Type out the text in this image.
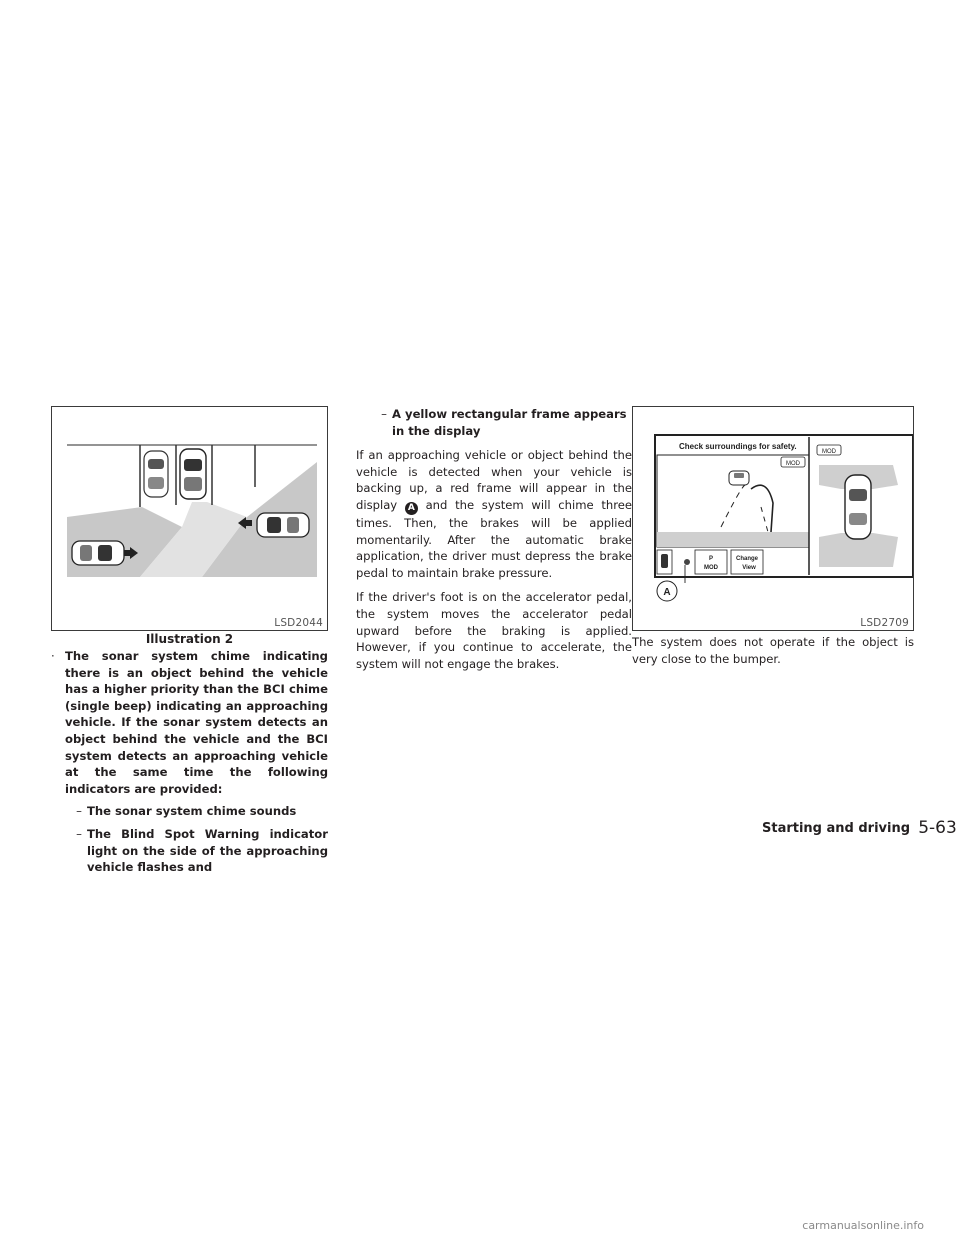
LSD2044
Illustration 2
· The sonar system chime indicating there is an object behind the vehicle has a higher priority than the BCI chime (single beep) indicating an approaching vehicle. If the sonar system detects an object behind the vehicle and the BCI system detects an approaching vehicle at the same time the following indicators are provided:
– The sonar system chime sounds
– The Blind Spot Warning indicator light on the side of the approaching vehicle flashes and
– A yellow rectangular frame appears in the display

If an approaching vehicle or object behind the vehicle is detected when your vehicle is backing up, a red frame will appear in the display A and the system will chime three times. Then, the brakes will be applied momentarily. After the automatic brake application, the driver must depress the brake pedal to maintain brake pressure.

If the driver's foot is on the accelerator pedal, the system moves the accelerator pedal upward before the braking is applied. However, if you continue to accelerate, the system will not engage the brakes.

Check surroundings for safety.
MOD
P
MOD
Change
View
MOD
A
LSD2709

The system does not operate if the object is very close to the bumper.

Starting and driving 5-63
carmanualsonline.info
